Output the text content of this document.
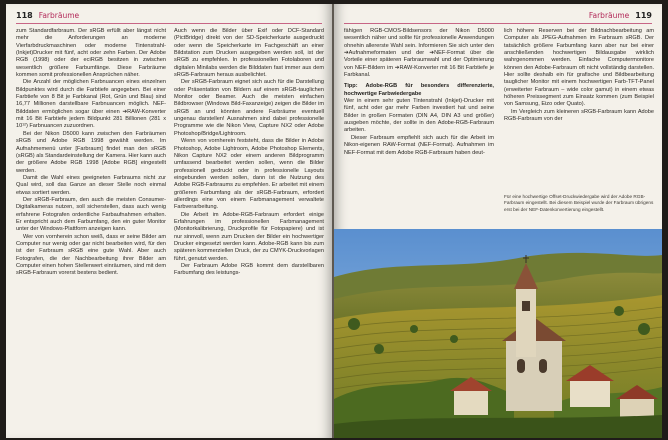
118 Farbräume

zum Standardfarbraum. Der sRGB erfüllt aber längst nicht mehr die Anforderungen an moderne Vierfarbdruckmaschinen oder moderne Tintenstrahl-(Inkjet)Drucker mit fünf, acht oder zehn Farben. Der Adobe RGB (1998) oder der eciRGB besitzen in zwischen wesentlich größere Farbumfänge. Diese Farbräume kommen somit professionellen Ansprüchen näher.

Die Anzahl der möglichen Farbnuancen eines einzelnen Bildpunktes wird durch die Farbtiefe angegeben. Bei einer Farbtiefe von 8 Bit je Farbkanal (Rot, Grün und Blau) sind 16,77 Millionen darstellbare Farbnuancen möglich. NEF-Bilddaten ermöglichen sogar über einen ➔RAW-Konverter mit 16 Bit Farbtiefe jedem Bildpunkt 281 Billionen (281 x 10¹²) Farbnuancen zuzuordnen.

Bei der Nikon D5000 kann zwischen den Farbräumen sRGB und Adobe RGB 1998 gewählt werden. Im Aufnahmemenü unter [Farbraum] findet man den sRGB (sRGB) als Standardeinstellung der Kamera. Hier kann auch der größere Adobe RGB 1998 [Adobe RGB] eingestellt werden.

Damit die Wahl eines geeigneten Farbraums nicht zur Qual wird, soll das Ganze an dieser Stelle noch einmal etwas sortiert werden.

Der sRGB-Farbraum, den auch die meisten Consumer-Digitalkameras nutzen, soll sicherstellen, dass auch wenig erfahrene Fotografen ordentliche Farbaufnahmen erhalten. Er entspricht auch dem Farbumfang, den ein guter Monitor unter der Windows-Plattform anzeigen kann.

Wer von vornherein schon weiß, dass er seine Bilder am Computer nur wenig oder gar nicht bearbeiten wird, für den ist der Farbraum sRGB eine gute Wahl. Aber auch Fotografen, die der Nachbearbeitung ihrer Bilder am Computer einen hohen Stellenwert einräumen, sind mit dem sRGB-Farbraum vorerst bestens bedient.

Auch wenn die Bilder über Exif oder DCF-Standard (PictBridge) direkt von der SD-Speicherkarte ausgedruckt oder wenn die Speicherkarte im Fachgeschäft an einer Bildstation zum Drucken ausgegeben werden soll, ist der sRGB zu empfehlen. In professionellen Fotolaboren und digitalen Minilabs werden die Bilddaten fast immer aus dem sRGB-Farbraum heraus ausbelichtet.

Der sRGB-Farbraum eignet sich auch für die Darstellung oder Präsentation von Bildern auf einem sRGB-tauglichen Monitor oder Beamer. Auch die meisten einfachen Bildbrowser (Windows Bild-Faxanzeige) zeigen die Bilder im sRGB an und könnten andere Farbräume eventuell ungenau darstellen! Ausnahmen sind dabei professionelle Programme wie die Nikon View, Capture NX2 oder Adobe Photoshop/Bridge/Lightroom.

Wenn von vornherein feststeht, dass die Bilder in Adobe Photoshop, Adobe Lightroom, Adobe Photoshop Elements, Nikon Capture NX2 oder einem anderen Bildprogramm umfassend bearbeitet werden sollen, wenn die Bilder professionell gedruckt oder in professionelle Layouts eingebunden werden sollen, dann ist die Nutzung des Adobe RGB-Farbraums zu empfehlen. Er arbeitet mit einem größeren Farbumfang als der sRGB-Farbraum, erfordert allerdings eine von einem Farbmanagement verwaltete Farbverarbeitung.

Die Arbeit im Adobe-RGB-Farbraum erfordert einige Erfahrungen im professionellen Farbmanagement (Monitorkalibrierung, Druckprofile für Fotopapiere) und ist nur sinnvoll, wenn zum Drucken der Bilder ein hochwertiger Drucker eingesetzt werden kann. Adobe-RGB kann bis zum späteren kommerziellen Druck, der zu CMYK-Druckvorlagen führt, genutzt werden.

Der Farbraum Adobe RGB kommt dem darstellbaren Farbumfang des leistungs-

Farbräume 119

fähigen RGB-CMOS-Bildsensors der Nikon D5000 wesentlich näher und sollte für professionelle Anwendungen ohnehin allererste Wahl sein. Informieren Sie sich unter den ➔Aufnahmeformaten und der ➔NEF-Format über die Vorteile einer späteren Farbraumwahl und der Optimierung von NEF-Bildern im ➔RAW-Konverter mit 16 Bit Farbtiefe je Farbkanal.

Tipp: Adobe-RGB für besonders differenzierte, hochwertige Farbwiedergabe

Wer in einem sehr guten Tintenstrahl (Inkjet)-Drucker mit fünf, acht oder gar mehr Farben investiert hat und seine Bilder in großen Formaten (DIN A4, DIN A3 und größer) ausgeben möchte, der sollte in den Adobe-RGB-Farbraum arbeiten.

Dieser Farbraum empfiehlt sich auch für die Arbeit im Nikon-eigenen RAW-Format (NEF-Format). Aufnahmen im NEF-Format mit dem Adobe RGB-Farbraum haben deut-

lich höhere Reserven bei der Bildnachbearbeitung am Computer als JPEG-Aufnahmen im Farbraum sRGB. Der tatsächlich größere Farbumfang kann aber nur bei einer anschließenden hochwertigen Bildausgabe wirklich wahrgenommen werden. Einfache Computermonitore können den Adobe-Farbraum oft nicht vollständig darstellen. Hier sollte deshalb ein für grafische und Bildbearbeitung tauglicher Monitor mit einem hochwertigen Farb-TFT-Panel (erweiterter Farbraum – wide color gamut) in einem etwas höheren Preissegment zum Einsatz kommen (zum Beispiel von Samsung, Eizo oder Quato).

Im Vergleich zum kleineren sRGB-Farbraum kann Adobe RGB-Farbraum von der

Für eine hochwertige Offset-Druckwiedergabe wird der Adobe RGB-Farbraum eingestellt. Bei diesem Beispiel wurde der Farbraum übrigens erst bei der NEF-Datenkonvertierung eingestellt.
